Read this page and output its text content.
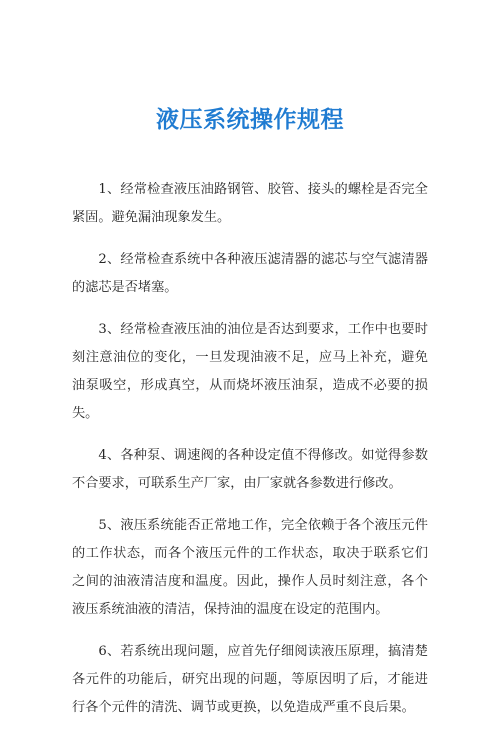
液压系统操作规程

1、经常检查液压油路钢管、胶管、接头的螺栓是否完全紧固。避免漏油现象发生。

2、经常检查系统中各种液压滤清器的滤芯与空气滤清器的滤芯是否堵塞。

3、经常检查液压油的油位是否达到要求，工作中也要时刻注意油位的变化，一旦发现油液不足，应马上补充，避免油泵吸空，形成真空，从而烧坏液压油泵，造成不必要的损失。

4、各种泵、调速阀的各种设定值不得修改。如觉得参数不合要求，可联系生产厂家，由厂家就各参数进行修改。

5、液压系统能否正常地工作，完全依赖于各个液压元件的工作状态，而各个液压元件的工作状态，取决于联系它们之间的油液清洁度和温度。因此，操作人员时刻注意，各个液压系统油液的清洁，保持油的温度在设定的范围内。

6、若系统出现问题，应首先仔细阅读液压原理，搞清楚各元件的功能后，研究出现的问题，等原因明了后，才能进行各个元件的清洗、调节或更换，以免造成严重不良后果。
